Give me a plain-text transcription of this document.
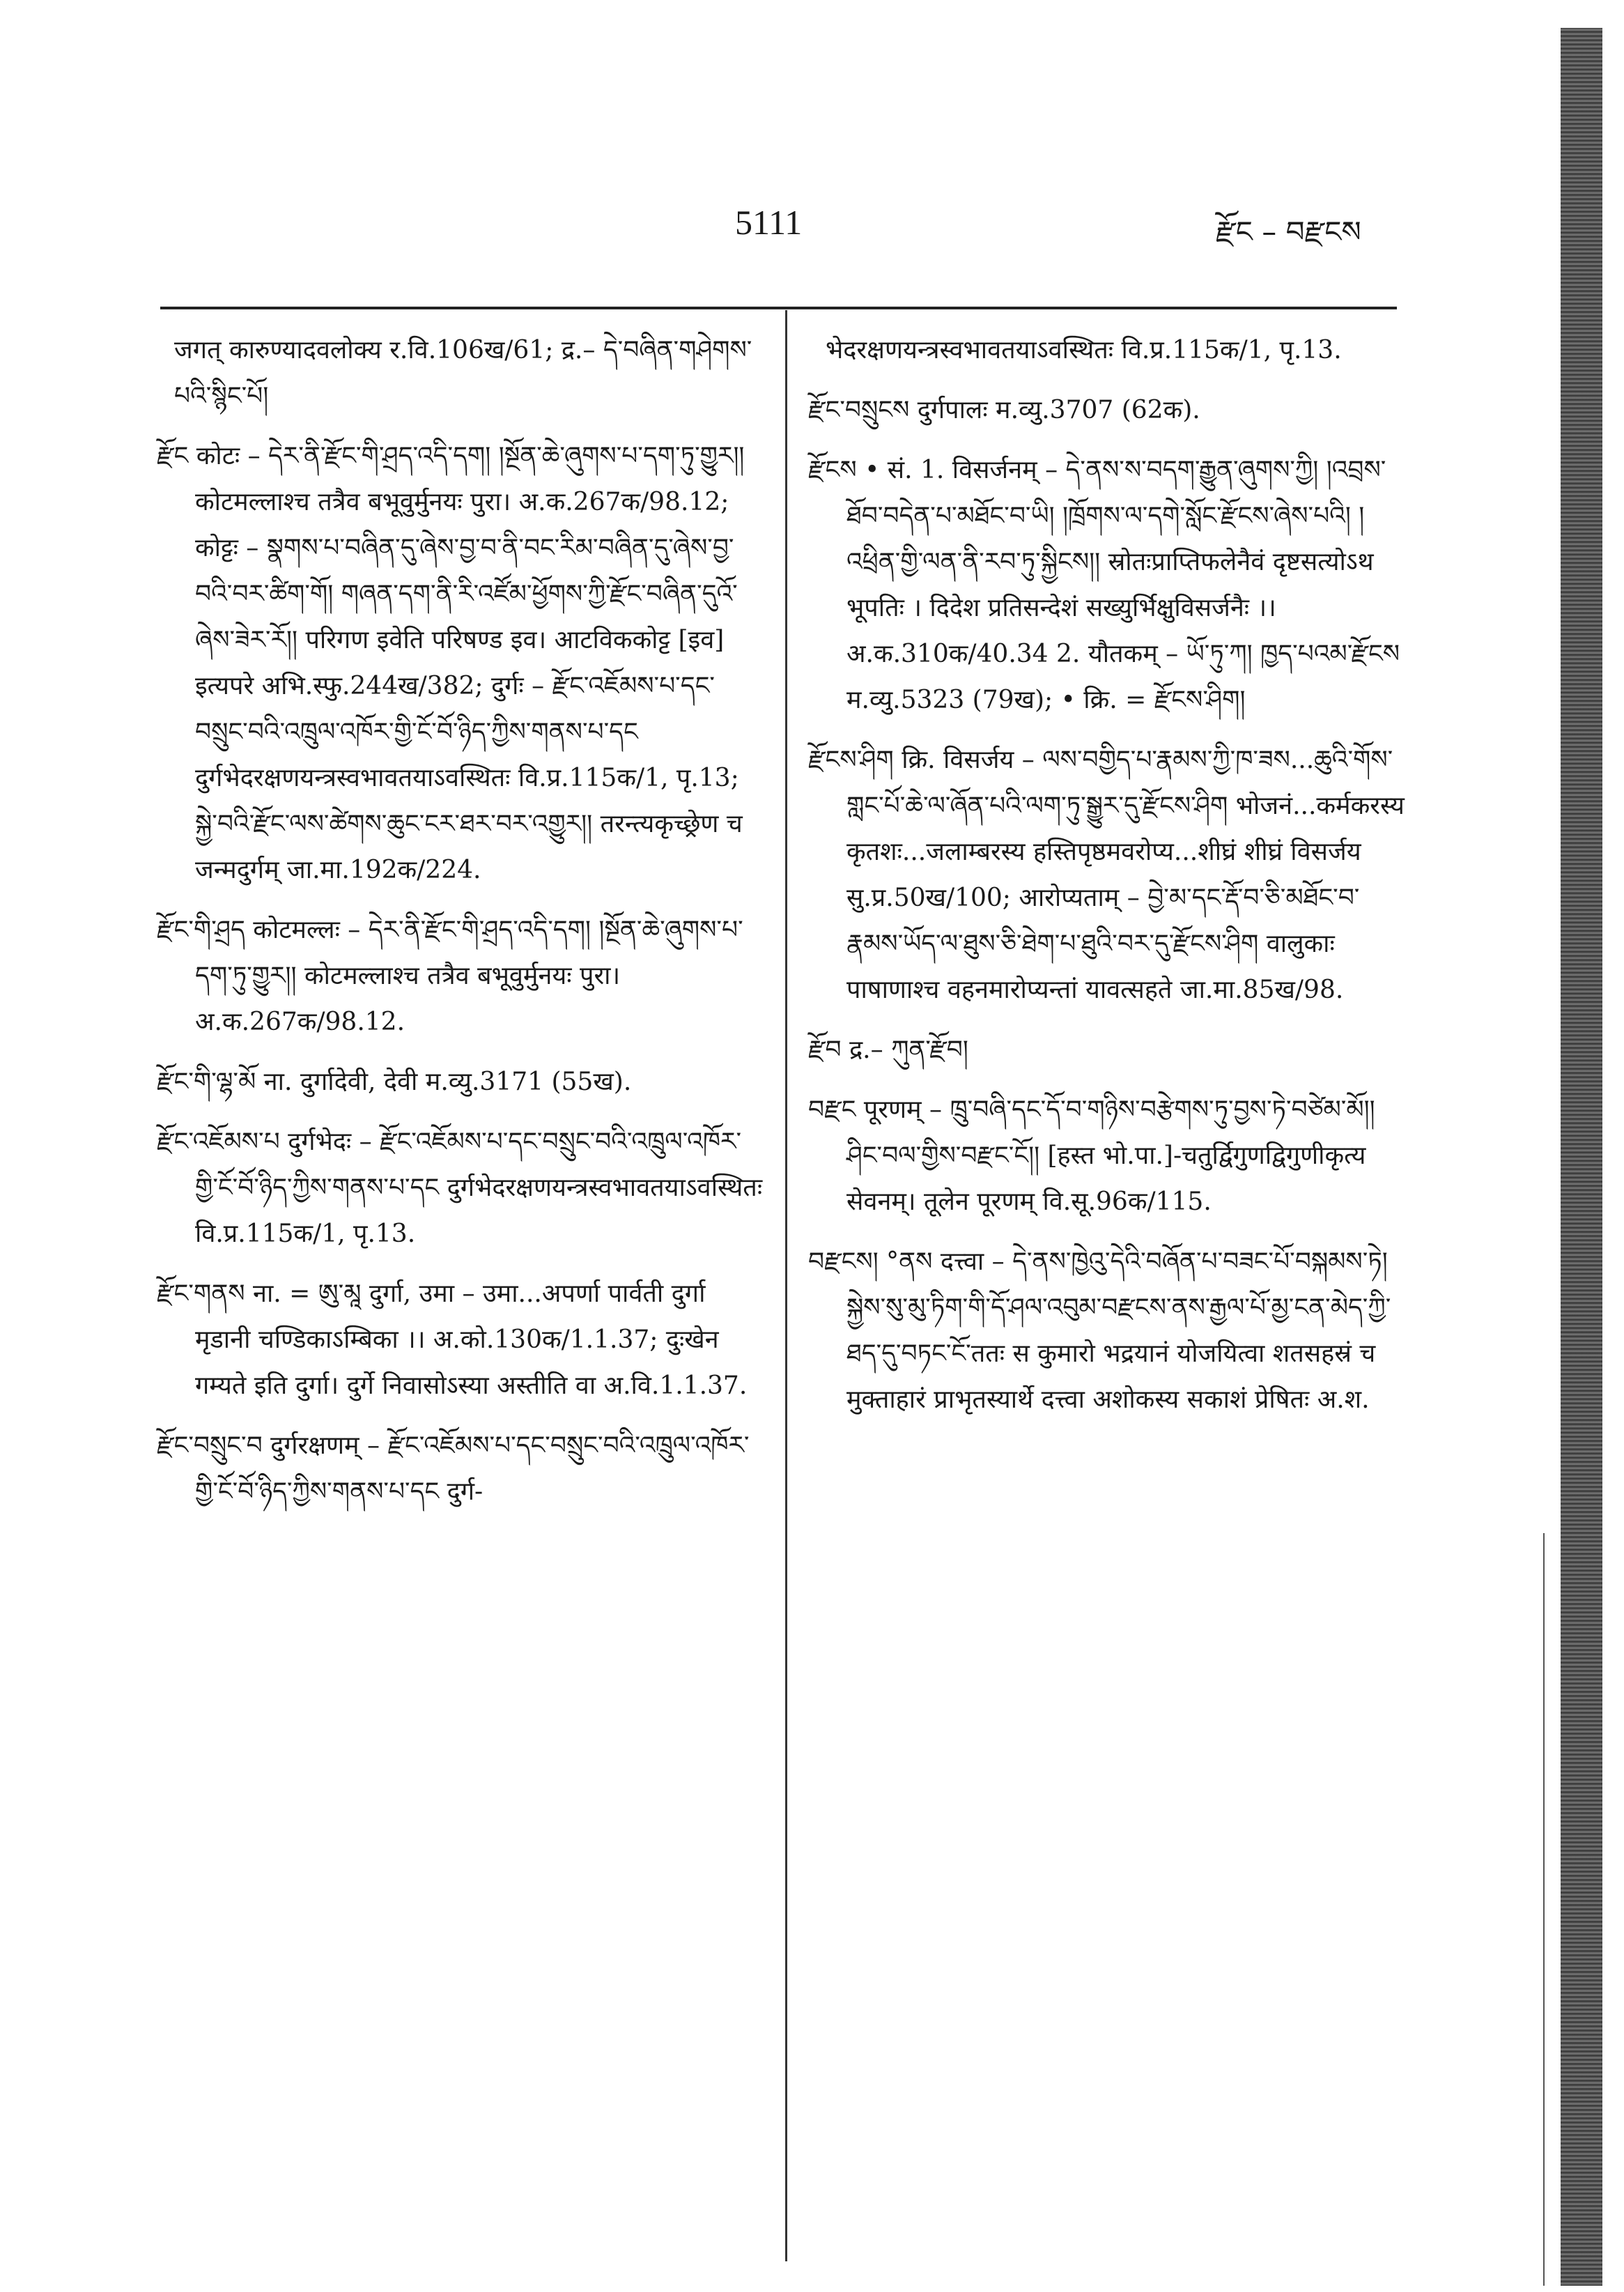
5111	རྫོང – བརྫངས

जगत् कारुण्यादवलोक्य र.वि.106ख/61; द्र.– དེ་བཞིན་གཤེགས་པའི་སྙིང་པོ།

རྫོང कोटः – དེར་ནི་རྫོང་གི་ཤྲད་འདི་དག། །སྔོན་ཆེ་ཞུགས་པ་དག་ཏུ་གྱུར།། कोटमल्लाश्च तत्रैव बभूवुर्मुनयः पुरा। अ.क.267क/98.12; कोट्टः – སྣགས་པ་བཞིན་དུ་ཞེས་བྱ་བ་ནི་བང་རིམ་བཞིན་དུ་ཞེས་བྱ་བའི་བར་ཚིག་གོ། གཞན་དག་ནི་རི་འཛོམ་ཕྱོགས་ཀྱི་རྫོང་བཞིན་དུའོ་ཞེས་ཟེར་རོ།། परिगण इवेति परिषण्ड इव। आटविककोट्ट [इव] इत्यपरे अभि.स्फु.244ख/382; दुर्गः – རྫོང་འཇོམས་པ་དང་བསྲུང་བའི་འཁྲུལ་འཁོར་གྱི་ངོ་བོ་ཉིད་ཀྱིས་གནས་པ་དང दुर्गभेदरक्षणयन्त्रस्वभावतयाऽवस्थितः वि.प्र.115क/1, पृ.13; སྐྱེ་བའི་རྫོང་ལས་ཚེགས་ཆུང་ངར་ཐར་བར་འགྱུར།། तरन्त्यकृच्छ्रेण च जन्मदुर्गम् जा.मा.192क/224.

རྫོང་གི་ཤྲད कोटमल्लः – དེར་ནི་རྫོང་གི་ཤྲད་འདི་དག། །སྔོན་ཆེ་ཞུགས་པ་དག་ཏུ་གྱུར།། कोटमल्लाश्च तत्रैव बभूवुर्मुनयः पुरा। अ.क.267क/98.12.

རྫོང་གི་ལྷ་མོ ना. दुर्गादेवी, देवी म.व्यु.3171 (55ख).

རྫོང་འཇོམས་པ दुर्गभेदः – རྫོང་འཇོམས་པ་དང་བསྲུང་བའི་འཁྲུལ་འཁོར་གྱི་ངོ་བོ་ཉིད་ཀྱིས་གནས་པ་དང दुर्गभेदरक्षणयन्त्रस्वभावतयाऽवस्थितः वि.प्र.115क/1, पृ.13.

རྫོང་གནས ना. = ཨུ་མཱ दुर्गा, उमा – उमा...अपर्णा पार्वती दुर्गा मृडानी चण्डिकाऽम्बिका ।। अ.को.130क/1.1.37; दुःखेन गम्यते इति दुर्गा। दुर्गे निवासोऽस्या अस्तीति वा अ.वि.1.1.37.

རྫོང་བསྲུང་བ दुर्गरक्षणम् – རྫོང་འཇོམས་པ་དང་བསྲུང་བའི་འཁྲུལ་འཁོར་གྱི་ངོ་བོ་ཉིད་ཀྱིས་གནས་པ་དང दुर्ग-

भेदरक्षणयन्त्रस्वभावतयाऽवस्थितः वि.प्र.115क/1, पृ.13.

རྫོང་བསྲུངས दुर्गपालः म.व्यु.3707 (62क).

རྫོངས • सं. 1. विसर्जनम् – དེ་ནས་ས་བདག་རྒྱུན་ཞུགས་ཀྱི། །འབྲས་ཐོབ་བདེན་པ་མཐོང་བ་ཡི། །ཁྲོགས་ལ་དགེ་སློང་རྫོངས་ཞེས་པའི། །འཕྲིན་གྱི་ལན་ནི་རབ་ཏུ་སྐྱིངས།། स्रोतःप्राप्तिफलेनैवं दृष्टसत्योऽथ भूपतिः । दिदेश प्रतिसन्देशं सख्युर्भिक्षुविसर्जनैः ।। अ.क.310क/40.34 2. यौतकम् – ཡོ་ཏུ་ཀ། ཁྱད་པའམ་རྫོངས म.व्यु.5323 (79ख); • क्रि. = རྫོངས་ཤིག།

རྫོངས་ཤིག क्रि. विसर्जय – ལས་བགྱིད་པ་རྣམས་ཀྱི་ཁ་ཟས...ཆུའི་གོས་གླང་པོ་ཆེ་ལ་ཞོན་པའི་ལག་ཏུ་སྒྱུར་དུ་རྫོངས་ཤིག भोजनं...कर्मकरस्य कृतशः...जलाम्बरस्य हस्तिपृष्ठमवरोप्य...शीघ्रं शीघ्रं विसर्जय सु.प्र.50ख/100; आरोप्यताम् – བྱེ་མ་དང་རྡོ་བ་ཅི་མཐོང་བ་རྣམས་ཡོད་ལ་ཐུས་ཅི་ཐེག་པ་ཐུའི་བར་དུ་རྫོངས་ཤིག वालुकाः पाषाणाश्च वहनमारोप्यन्तां यावत्सहते जा.मा.85ख/98.

རྫོབ द्र.– ཀུན་རྫོབ།

བརྫང पूरणम् – ཁྲུ་བཞི་དང་དོ་བ་གཉིས་བརྩེགས་ཏུ་བྱས་ཏེ་བཙེམ་མོ།། ཤིང་བལ་གྱིས་བརྫང་ངོ།། [हस्त भो.पा.]-चतुर्द्विगुणद्विगुणीकृत्य सेवनम्। तूलेन पूरणम् वि.सू.96क/115.

བརྫངས། °ནས दत्त्वा – དེ་ནས་ཁྱེའུ་དེའི་བཞོན་པ་བཟང་པོ་བསྐམས་ཏེ། སྐྱེས་སུ་མུ་ཏིག་གི་དོ་ཤལ་འབུམ་བརྫངས་ནས་རྒྱལ་པོ་མྱ་ངན་མེད་ཀྱི་ཐད་དུ་བཏང་ངོ་ततः स कुमारो भद्रयानं योजयित्वा शतसहस्रं च मुक्ताहारं प्राभृतस्यार्थे दत्त्वा अशोकस्य सकाशं प्रेषितः अ.श.
